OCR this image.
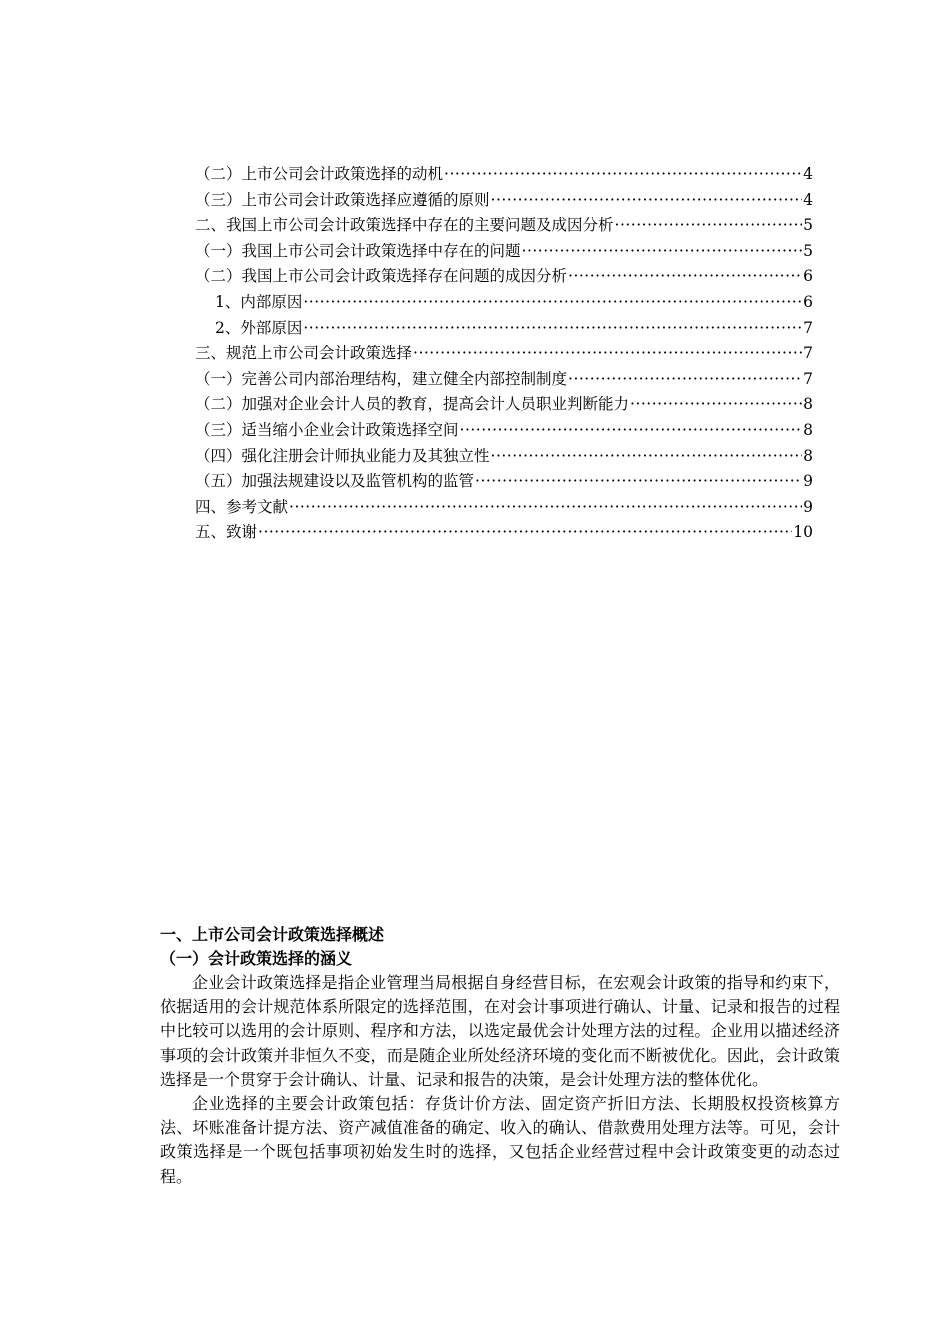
（二）上市公司会计政策选择的动机 ·····	4
（三）上市公司会计政策选择应遵循的原则 ·····	4
二、我国上市公司会计政策选择中存在的主要问题及成因分析 ·····	5
（一）我国上市公司会计政策选择中存在的问题 ·····	5
（二）我国上市公司会计政策选择存在问题的成因分析 ·····	6
1、内部原因 ·····	6
2、外部原因 ·····	7
三、规范上市公司会计政策选择 ·····	7
（一）完善公司内部治理结构，建立健全内部控制制度 ·····	7
（二）加强对企业会计人员的教育，提高会计人员职业判断能力 ·····	8
（三）适当缩小企业会计政策选择空间 ·····	8
（四）强化注册会计师执业能力及其独立性 ·····	8
（五）加强法规建设以及监管机构的监管 ·····	9
四、参考文献 ·····	9
五、致谢 ·····	10

一、上市公司会计政策选择概述

（一）会计政策选择的涵义

企业会计政策选择是指企业管理当局根据自身经营目标，在宏观会计政策的指导和约束下，依据适用的会计规范体系所限定的选择范围，在对会计事项进行确认、计量、记录和报告的过程中比较可以选用的会计原则、程序和方法，以选定最优会计处理方法的过程。企业用以描述经济事项的会计政策并非恒久不变，而是随企业所处经济环境的变化而不断被优化。因此，会计政策选择是一个贯穿于会计确认、计量、记录和报告的决策，是会计处理方法的整体优化。

企业选择的主要会计政策包括：存货计价方法、固定资产折旧方法、长期股权投资核算方法、坏账准备计提方法、资产减值准备的确定、收入的确认、借款费用处理方法等。可见，会计政策选择是一个既包括事项初始发生时的选择，又包括企业经营过程中会计政策变更的动态过程。
